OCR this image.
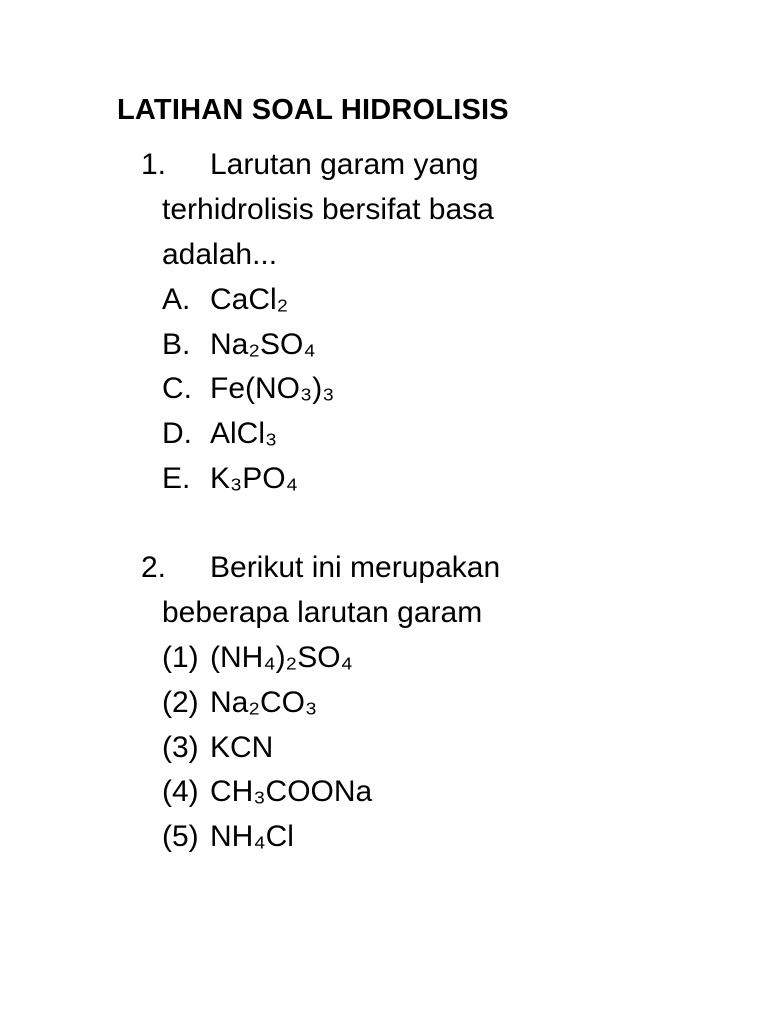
LATIHAN SOAL HIDROLISIS
1. Larutan garam yang
terhidrolisis bersifat basa
adalah...
A. CaCl₂
B. Na₂SO₄
C. Fe(NO₃)₃
D. AlCl₃
E. K₃PO₄
2. Berikut ini merupakan
beberapa larutan garam
(1) (NH₄)₂SO₄
(2) Na₂CO₃
(3) KCN
(4) CH₃COONa
(5) NH₄Cl
